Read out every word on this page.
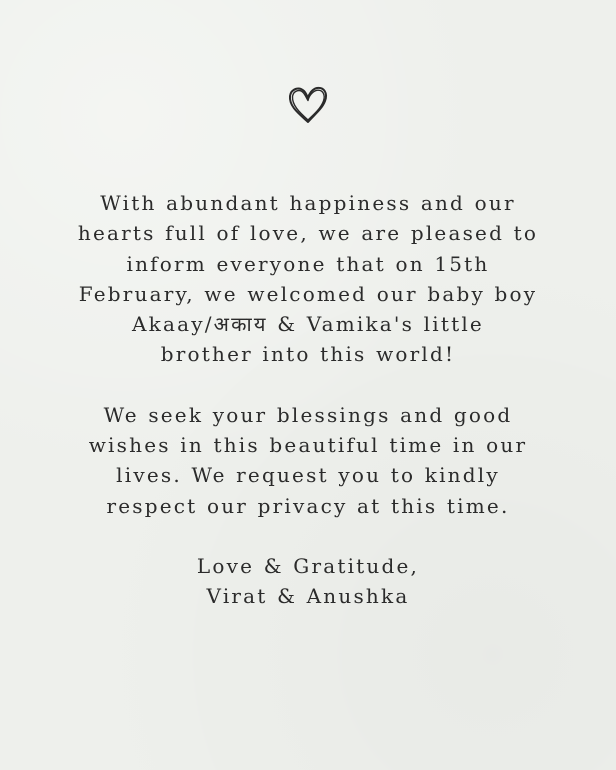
With abundant happiness and our
hearts full of love, we are pleased to
inform everyone that on 15th
February, we welcomed our baby boy
Akaay/अकाय & Vamika's little
brother into this world!

We seek your blessings and good
wishes in this beautiful time in our
lives. We request you to kindly
respect our privacy at this time.

Love & Gratitude,
Virat & Anushka
